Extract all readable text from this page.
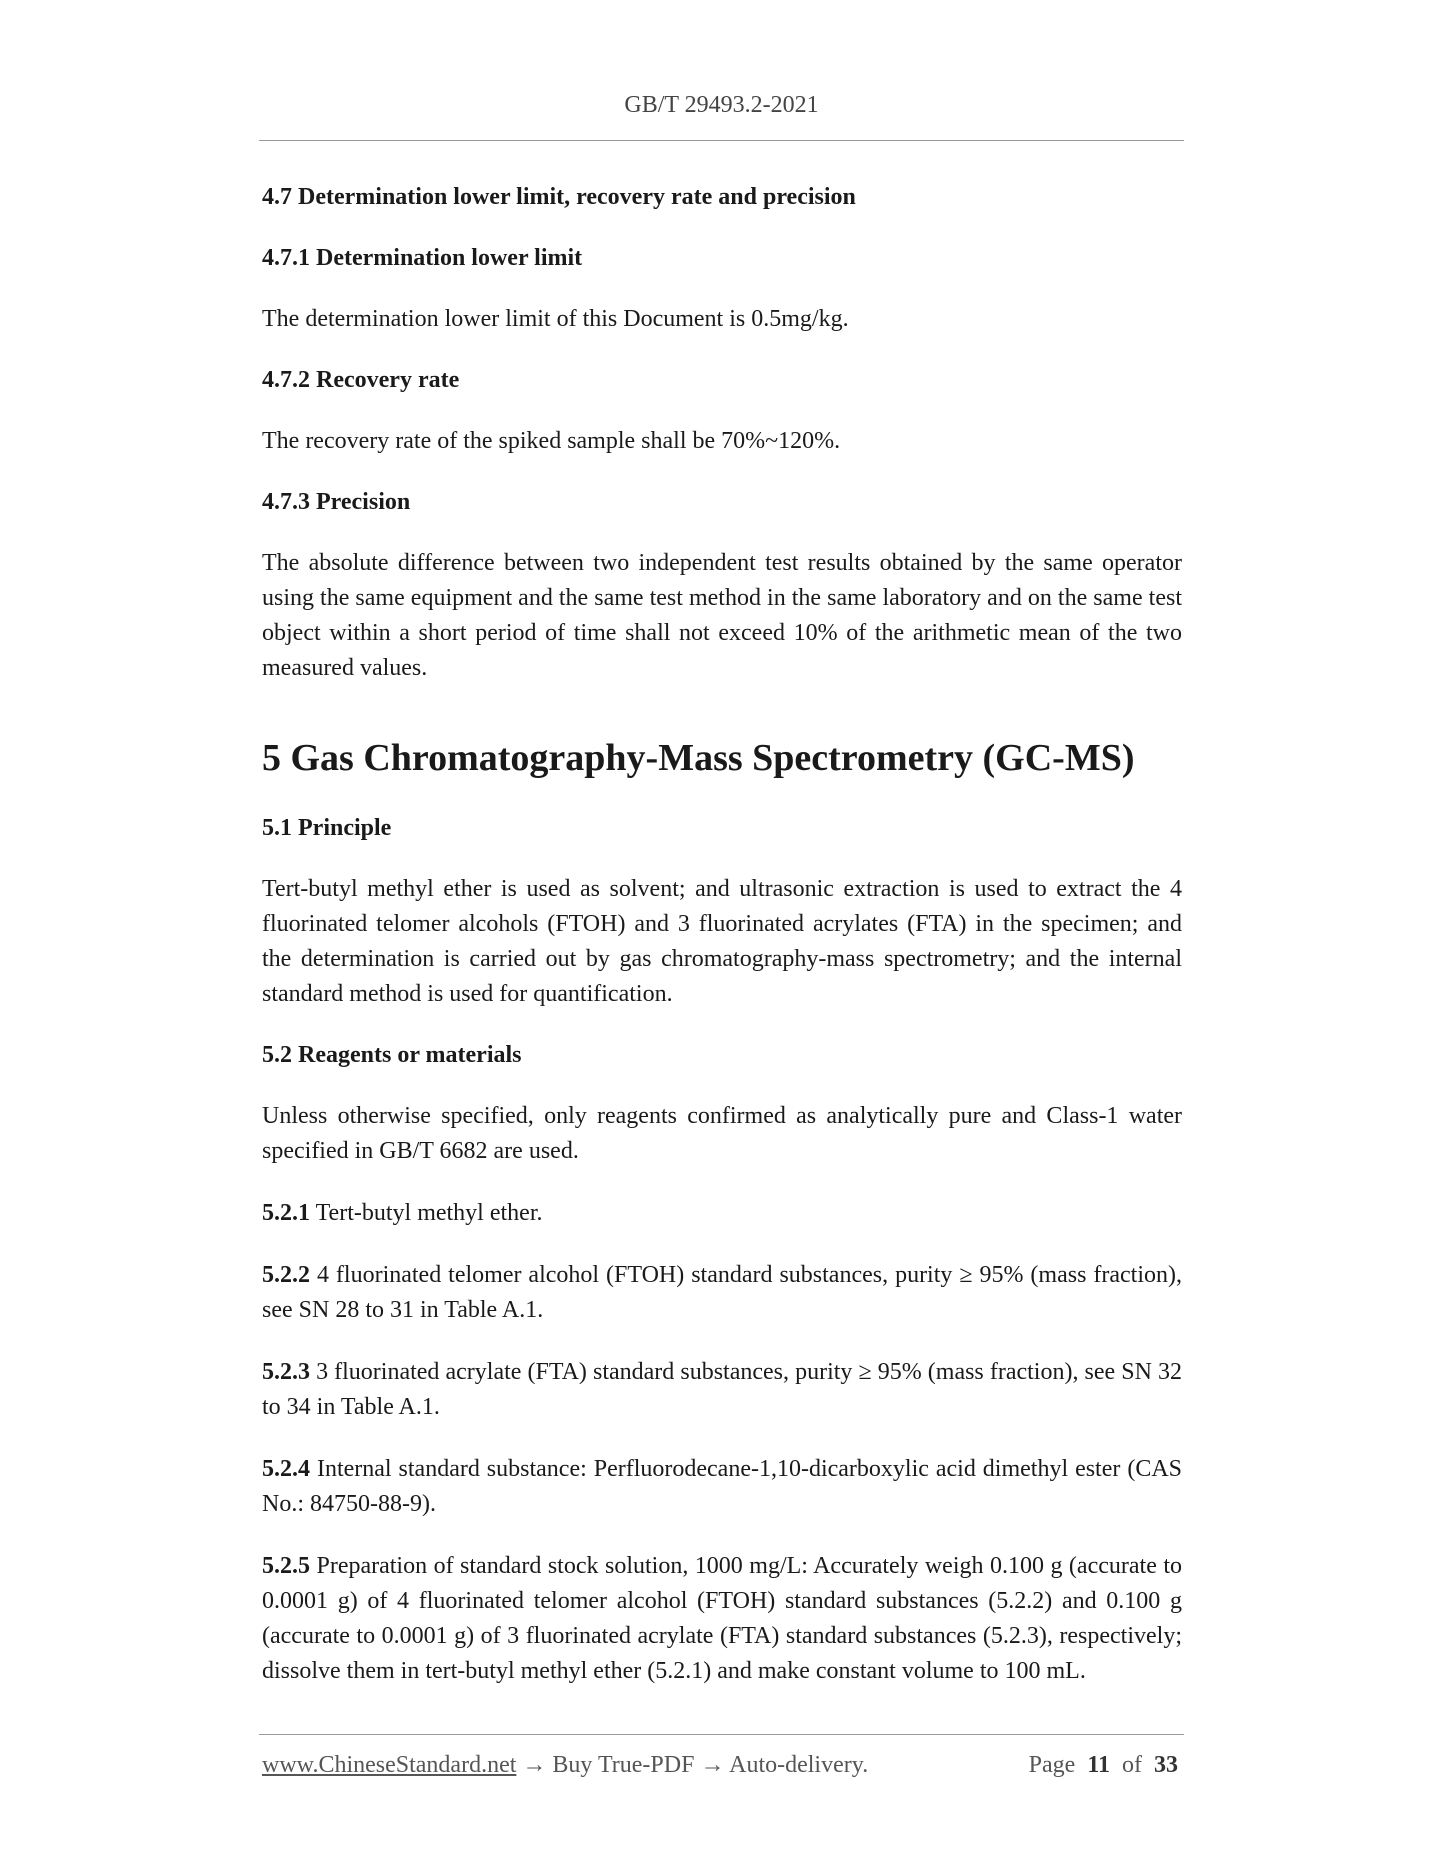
GB/T 29493.2-2021
4.7 Determination lower limit, recovery rate and precision
4.7.1 Determination lower limit

The determination lower limit of this Document is 0.5mg/kg.

4.7.2 Recovery rate

The recovery rate of the spiked sample shall be 70%~120%.

4.7.3 Precision

The absolute difference between two independent test results obtained by the same operator using the same equipment and the same test method in the same laboratory and on the same test object within a short period of time shall not exceed 10% of the arithmetic mean of the two measured values.

5 Gas Chromatography-Mass Spectrometry (GC-MS)
5.1 Principle

Tert-butyl methyl ether is used as solvent; and ultrasonic extraction is used to extract the 4 fluorinated telomer alcohols (FTOH) and 3 fluorinated acrylates (FTA) in the specimen; and the determination is carried out by gas chromatography-mass spectrometry; and the internal standard method is used for quantification.

5.2 Reagents or materials

Unless otherwise specified, only reagents confirmed as analytically pure and Class-1 water specified in GB/T 6682 are used.

5.2.1 Tert-butyl methyl ether.

5.2.2 4 fluorinated telomer alcohol (FTOH) standard substances, purity ≥ 95% (mass fraction), see SN 28 to 31 in Table A.1.

5.2.3 3 fluorinated acrylate (FTA) standard substances, purity ≥ 95% (mass fraction), see SN 32 to 34 in Table A.1.

5.2.4 Internal standard substance: Perfluorodecane-1,10-dicarboxylic acid dimethyl ester (CAS No.: 84750-88-9).

5.2.5 Preparation of standard stock solution, 1000 mg/L: Accurately weigh 0.100 g (accurate to 0.0001 g) of 4 fluorinated telomer alcohol (FTOH) standard substances (5.2.2) and 0.100 g (accurate to 0.0001 g) of 3 fluorinated acrylate (FTA) standard substances (5.2.3), respectively; dissolve them in tert-butyl methyl ether (5.2.1) and make constant volume to 100 mL.

www.ChineseStandard.net → Buy True-PDF → Auto-delivery.	Page 11 of 33
